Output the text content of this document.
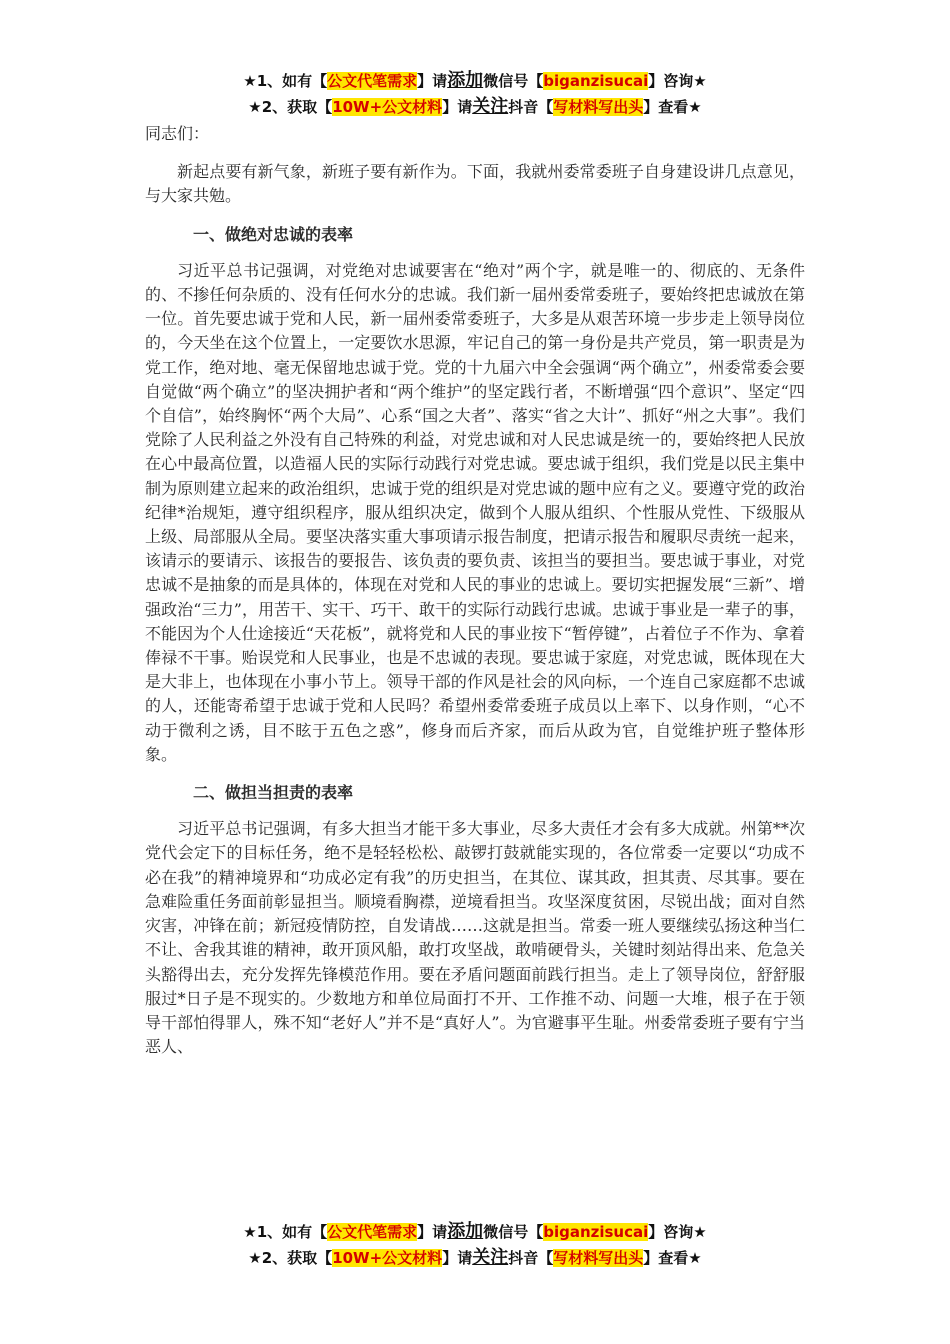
★1、如有【公文代笔需求】请添加微信号【biganzisucai】咨询★
★2、获取【10W+公文材料】请关注抖音【写材料写出头】查看★

同志们：

新起点要有新气象，新班子要有新作为。下面，我就州委常委班子自身建设讲几点意见，与大家共勉。

一、做绝对忠诚的表率

习近平总书记强调，对党绝对忠诚要害在“绝对”两个字，就是唯一的、彻底的、无条件的、不掺任何杂质的、没有任何水分的忠诚。我们新一届州委常委班子，要始终把忠诚放在第一位。首先要忠诚于党和人民，新一届州委常委班子，大多是从艰苦环境一步步走上领导岗位的，今天坐在这个位置上，一定要饮水思源，牢记自己的第一身份是共产党员，第一职责是为党工作，绝对地、毫无保留地忠诚于党。党的十九届六中全会强调“两个确立”，州委常委会要自觉做“两个确立”的坚决拥护者和“两个维护”的坚定践行者，不断增强“四个意识”、坚定“四个自信”，始终胸怀“两个大局”、心系“国之大者”、落实“省之大计”、抓好“州之大事”。我们党除了人民利益之外没有自己特殊的利益，对党忠诚和对人民忠诚是统一的，要始终把人民放在心中最高位置，以造福人民的实际行动践行对党忠诚。要忠诚于组织，我们党是以民主集中制为原则建立起来的政治组织，忠诚于党的组织是对党忠诚的题中应有之义。要遵守党的政治纪律*治规矩，遵守组织程序，服从组织决定，做到个人服从组织、个性服从党性、下级服从上级、局部服从全局。要坚决落实重大事项请示报告制度，把请示报告和履职尽责统一起来，该请示的要请示、该报告的要报告、该负责的要负责、该担当的要担当。要忠诚于事业，对党忠诚不是抽象的而是具体的，体现在对党和人民的事业的忠诚上。要切实把握发展“三新”、增强政治“三力”，用苦干、实干、巧干、敢干的实际行动践行忠诚。忠诚于事业是一辈子的事，不能因为个人仕途接近“天花板”，就将党和人民的事业按下“暂停键”，占着位子不作为、拿着俸禄不干事。贻误党和人民事业，也是不忠诚的表现。要忠诚于家庭，对党忠诚，既体现在大是大非上，也体现在小事小节上。领导干部的作风是社会的风向标，一个连自己家庭都不忠诚的人，还能寄希望于忠诚于党和人民吗？希望州委常委班子成员以上率下、以身作则，“心不动于微利之诱，目不眩于五色之惑”，修身而后齐家，而后从政为官，自觉维护班子整体形象。

二、做担当担责的表率

习近平总书记强调，有多大担当才能干多大事业，尽多大责任才会有多大成就。州第**次党代会定下的目标任务，绝不是轻轻松松、敲锣打鼓就能实现的，各位常委一定要以“功成不必在我”的精神境界和“功成必定有我”的历史担当，在其位、谋其政，担其责、尽其事。要在急难险重任务面前彰显担当。顺境看胸襟，逆境看担当。攻坚深度贫困，尽锐出战；面对自然灾害，冲锋在前；新冠疫情防控，自发请战……这就是担当。常委一班人要继续弘扬这种当仁不让、舍我其谁的精神，敢开顶风船，敢打攻坚战，敢啃硬骨头，关键时刻站得出来、危急关头豁得出去，充分发挥先锋模范作用。要在矛盾问题面前践行担当。走上了领导岗位，舒舒服服过*日子是不现实的。少数地方和单位局面打不开、工作推不动、问题一大堆，根子在于领导干部怕得罪人，殊不知“老好人”并不是“真好人”。为官避事平生耻。州委常委班子要有宁当恶人、

★1、如有【公文代笔需求】请添加微信号【biganzisucai】咨询★
★2、获取【10W+公文材料】请关注抖音【写材料写出头】查看★
